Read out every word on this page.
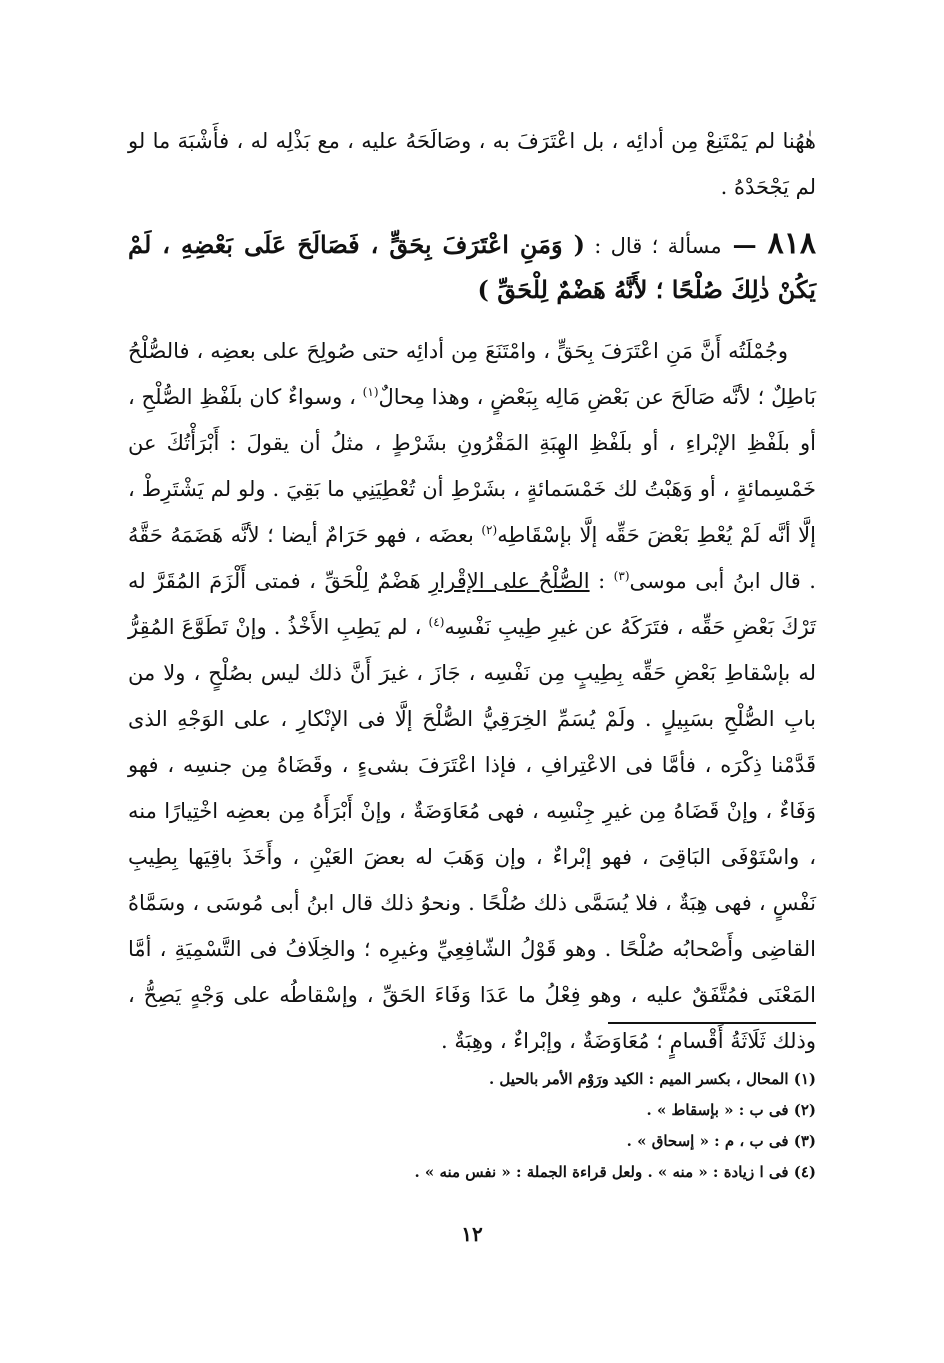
هٰهُنا لم يَمْتَنِعْ مِن أدائِه ، بل اعْتَرَفَ به ، وصَالَحَهُ عليه ، مع بَذْلِه له ، فأَشْبَهَ ما لو لم يَجْحَدْهُ .

٨١٨ — مسألة ؛ قال : ( وَمَنِ اعْتَرَفَ بِحَقٍّ ، فَصَالَحَ عَلَى بَعْضِهِ ، لَمْ يَكُنْ ذٰلِكَ صُلْحًا ؛ لأَنَّهُ هَضْمٌ لِلْحَقِّ )

وجُمْلَتُه أَنَّ مَنِ اعْتَرَفَ بِحَقٍّ ، وامْتَنَعَ مِن أدائِه حتى صُولِحَ على بعضِه ، فالصُّلْحُ بَاطِلٌ ؛ لأنَّه صَالَحَ عن بَعْضِ مَالِه بِبَعْضٍ ، وهذا مِحالٌ$^{(١)}$ ، وسواءٌ كان بلَفْظِ الصُّلْحِ ، أو بلَفْظِ الإبْراءِ ، أو بلَفْظِ الهِبَةِ المَقْرُونِ بشَرْطٍ ، مثلُ أن يقولَ : أَبْرَأْتُكَ عن خَمْسِمائةٍ ، أو وَهَبْتُ لك خَمْسَمائةٍ ، بشَرْطِ أن تُعْطِيَنِي ما بَقِيَ . ولو لم يَشْتَرِطْ ، إلَّا أنَّه لَمْ يُعْطِ بَعْضَ حَقِّه إلَّا بإسْقَاطِه$^{(٢)}$ بعضَه ، فهو حَرَامٌ أيضا ؛ لأنَّه هَضَمَهُ حَقَّهُ . قال ابنُ أبى موسى$^{(٣)}$ : الصُّلْحُ على الإقْرارِ هَضْمٌ لِلْحَقِّ ، فمتى أَلْزَمَ المُقَرَّ له تَرْكَ بَعْضِ حَقِّه ، فتَرَكَهُ عن غيرِ طِيبِ نَفْسِه$^{(٤)}$ ، لم يَطِبِ الأَخْذُ . وإنْ تَطَوَّعَ المُقِرُّ له بإسْقاطِ بَعْضِ حَقِّه بِطِيبٍ مِن نَفْسِه ، جَازَ ، غيرَ أَنَّ ذلك ليس بصُلْحٍ ، ولا من بابِ الصُّلْحِ بسَبِيلٍ . ولَمْ يُسَمِّ الخِرَقِيُّ الصُّلْحَ إلَّا فى الإنْكارِ ، على الوَجْهِ الذى قَدَّمْنا ذِكْرَه ، فأمَّا فى الاعْتِرافِ ، فإذا اعْتَرَفَ بشىءٍ ، وقَضَاهُ مِن جنسِه ، فهو وَفَاءٌ ، وإنْ قَضَاهُ مِن غيرِ جِنْسِه ، فهى مُعَاوَضَةٌ ، وإنْ أَبْرَأَهُ مِن بعضِه اخْتِيارًا منه ، واسْتَوْفَى البَاقِىَ ، فهو إبْراءٌ ، وإن وَهَبَ له بعضَ العَيْنِ ، وأَخَذَ باقِيَها بِطِيبِ نَفْسٍ ، فهى هِبَةٌ ، فلا يُسَمَّى ذلك صُلْحًا . ونحوُ ذلك قال ابنُ أبى مُوسَى ، وسَمَّاهُ القاضِى وأَصْحابُه صُلْحًا . وهو قَوْلُ الشّافِعِيِّ وغيرِه ؛ والخِلَافُ فى التَّسْمِيَةِ ، أمَّا المَعْنَى فمُتَّفَقٌ عليه ، وهو فِعْلُ ما عَدَا وَفَاءَ الحَقِّ ، وإسْقاطُه على وَجْهٍ يَصِحُّ ، وذلك ثَلَاثَةُ أَقْسامٍ ؛ مُعَاوَضَةٌ ، وإبْراءٌ ، وهِبَةٌ .

(١) المحال ، بكسر الميم : الكيد ورَوْم الأمر بالحيل .

(٢) فى ب : « بإسقاط » .

(٣) فى ب ، م : « إسحاق » .

(٤) فى ا زيادة : « منه » . ولعل قراءة الجملة : « نفس منه » .

١٢
